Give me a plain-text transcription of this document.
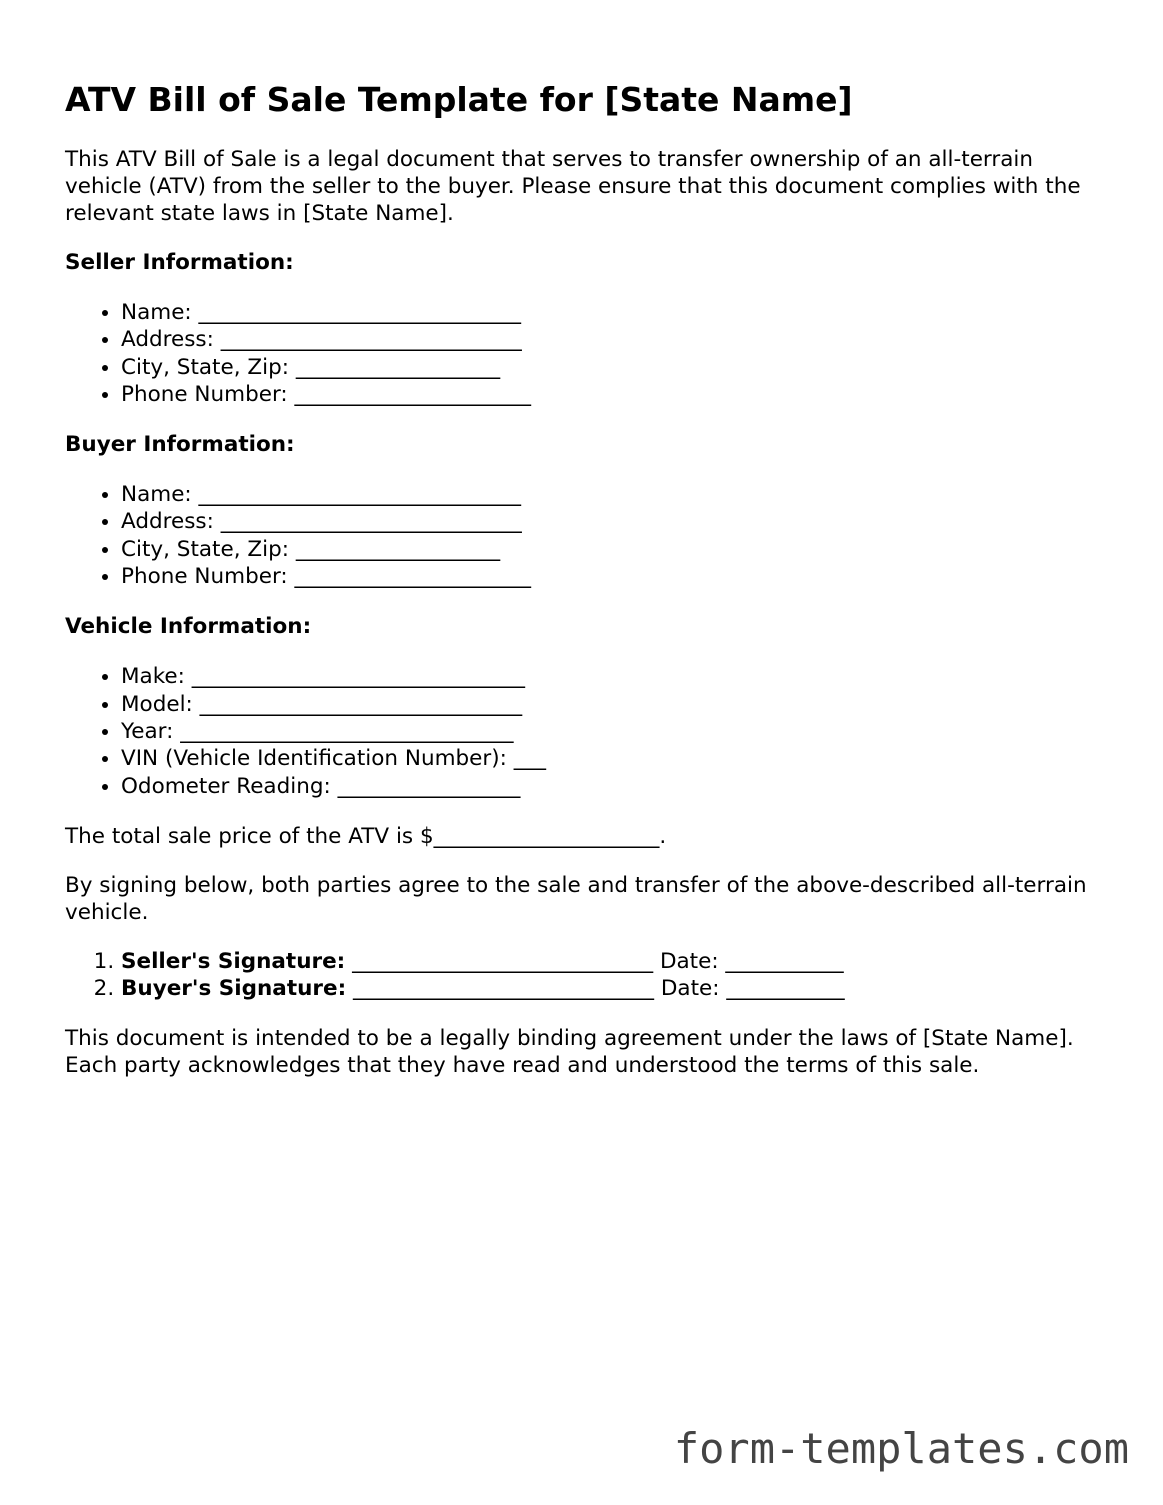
ATV Bill of Sale Template for [State Name]

This ATV Bill of Sale is a legal document that serves to transfer ownership of an all-terrain vehicle (ATV) from the seller to the buyer. Please ensure that this document complies with the relevant state laws in [State Name].

Seller Information:
• Name: ______________________________
• Address: ____________________________
• City, State, Zip: ___________________
• Phone Number: ______________________
Buyer Information:
• Name: ______________________________
• Address: ____________________________
• City, State, Zip: ___________________
• Phone Number: ______________________
Vehicle Information:
• Make: _______________________________
• Model: ______________________________
• Year: _______________________________
• VIN (Vehicle Identification Number): ___
• Odometer Reading: _________________

The total sale price of the ATV is $_____________________.

By signing below, both parties agree to the sale and transfer of the above-described all-terrain vehicle.

1. Seller's Signature: ____________________________ Date: ___________
2. Buyer's Signature: ____________________________ Date: ___________

This document is intended to be a legally binding agreement under the laws of [State Name]. Each party acknowledges that they have read and understood the terms of this sale.

form-templates.com
